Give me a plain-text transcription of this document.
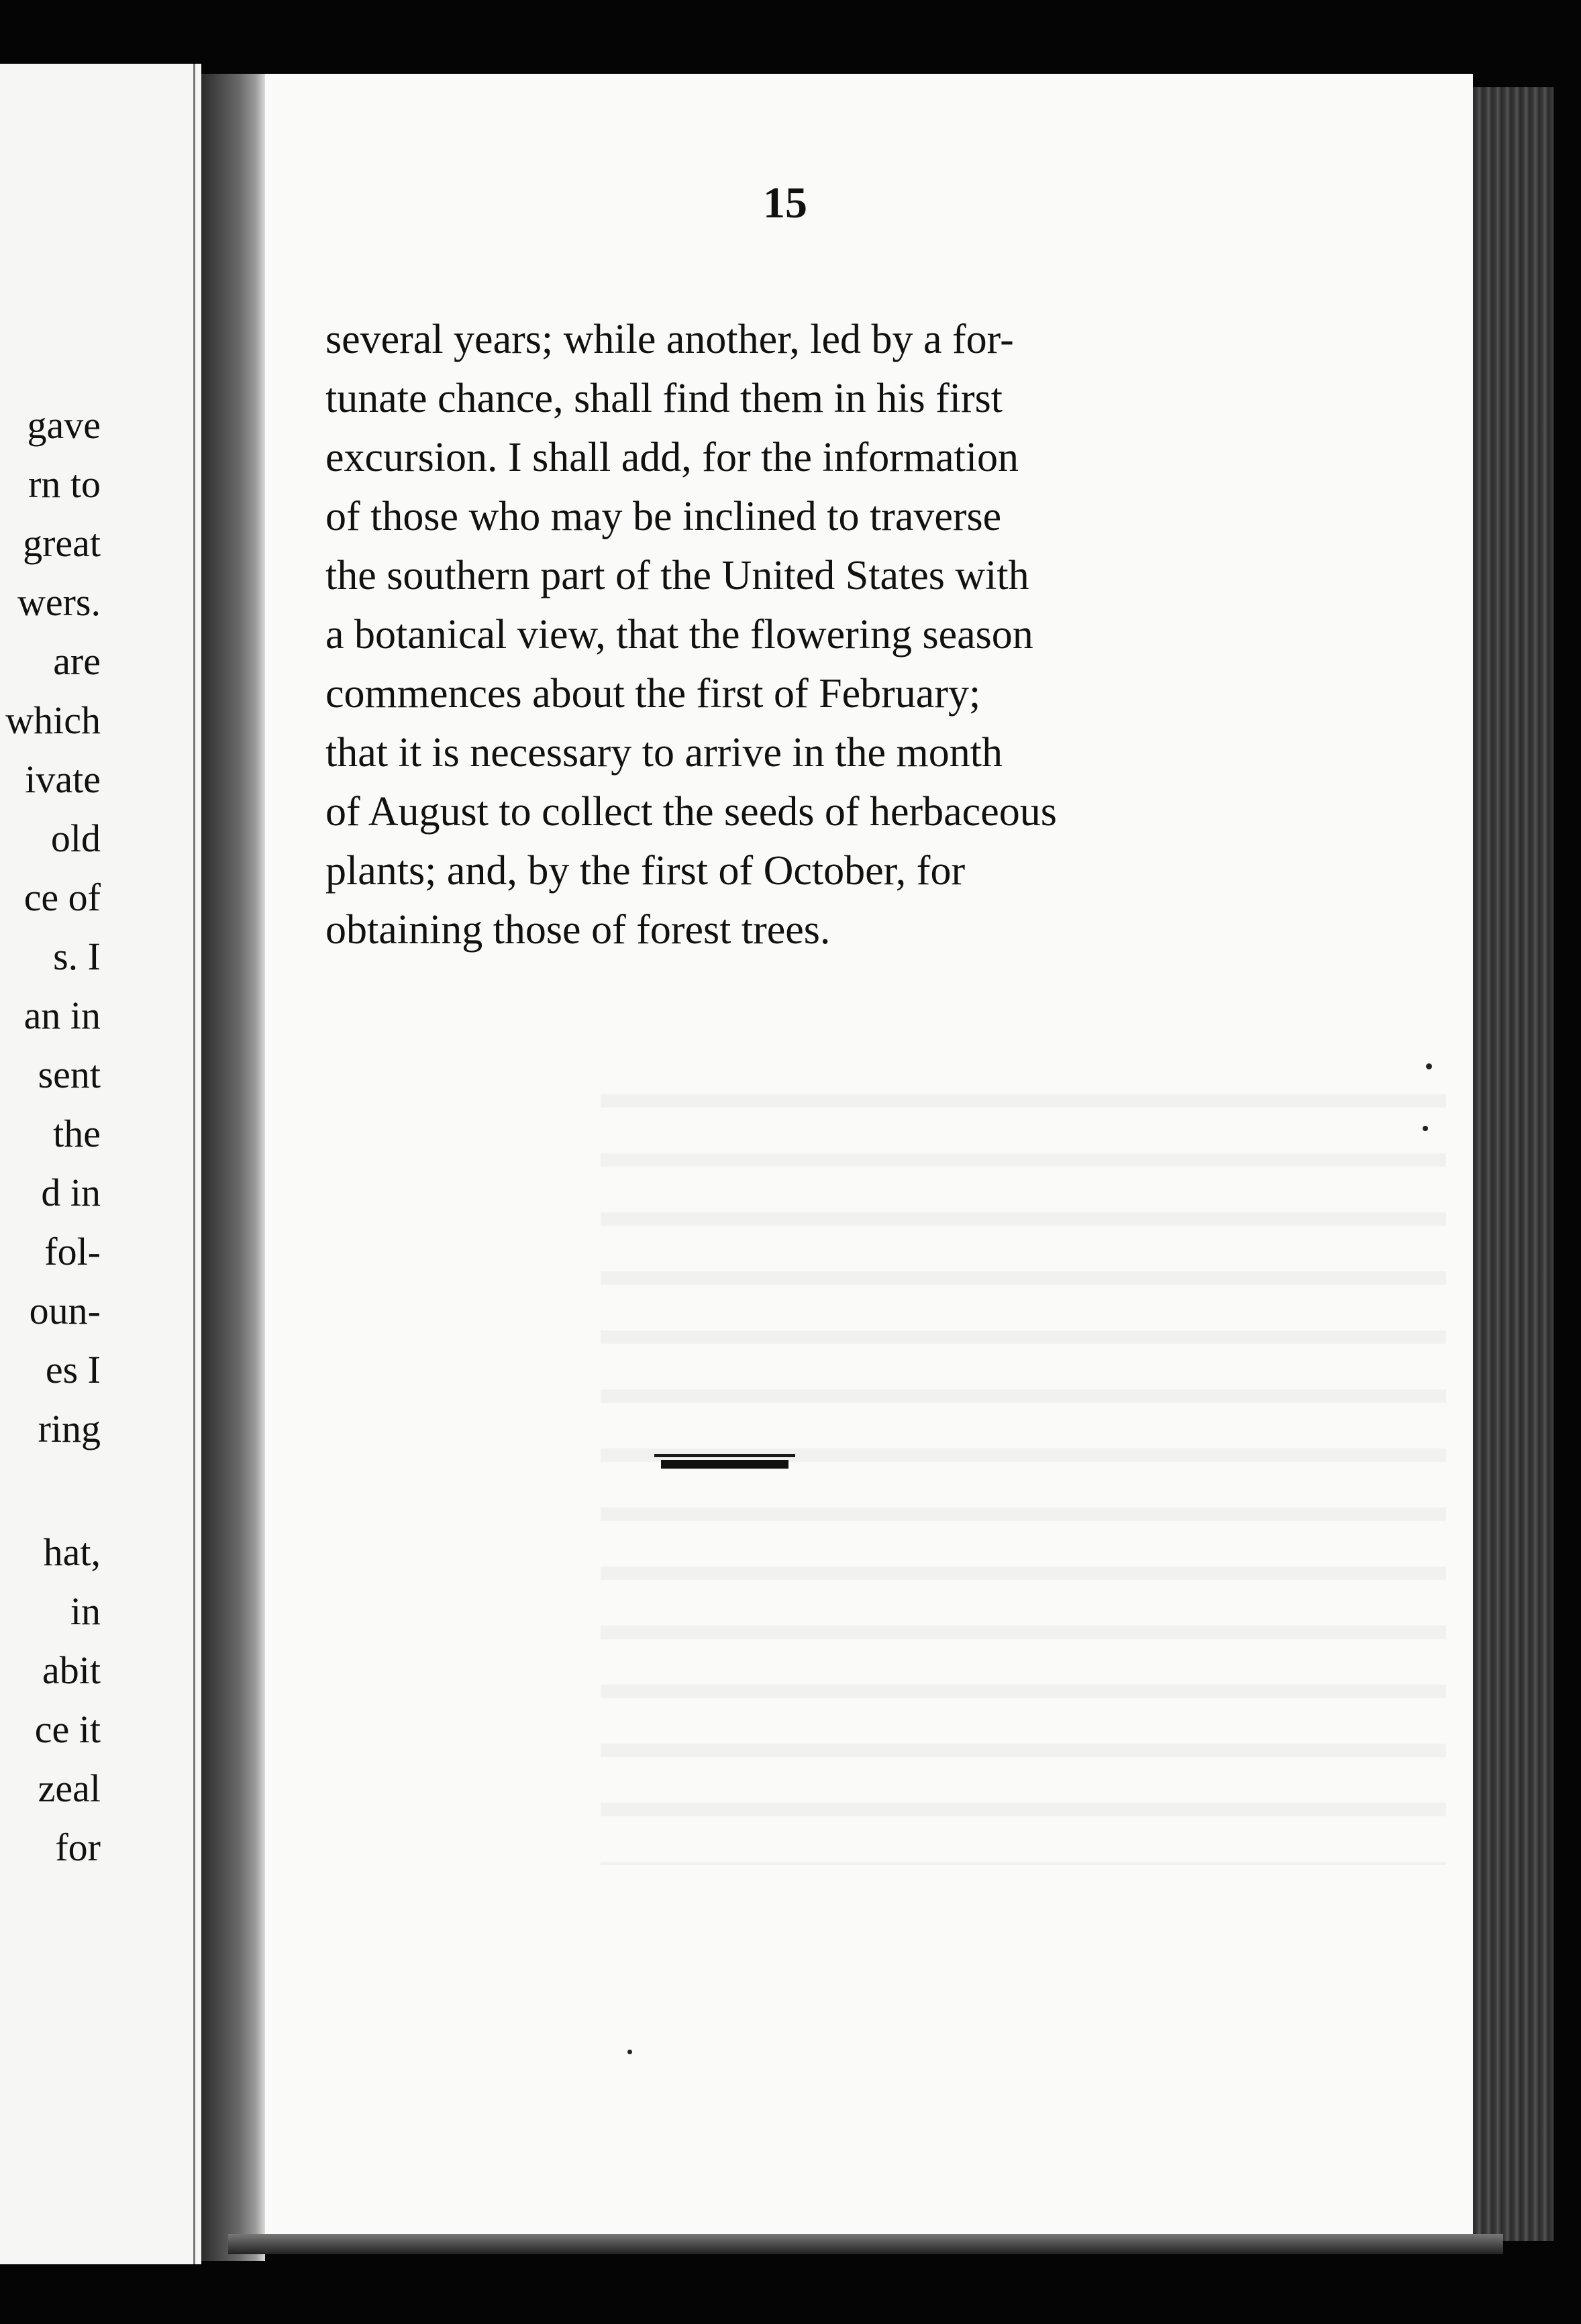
gave
rn to
great
wers.
are
which
ivate
old
ce of
s. I
an in
sent
the
d in
fol-
oun-
es I
ring
hat,
in
abit
ce it
zeal
for
15
several years; while another, led by a for-
tunate chance, shall find them in his first
excursion. I shall add, for the information
of those who may be inclined to traverse
the southern part of the United States with
a botanical view, that the flowering season
commences about the first of February;
that it is necessary to arrive in the month
of August to collect the seeds of herbaceous
plants; and, by the first of October, for
obtaining those of forest trees.
